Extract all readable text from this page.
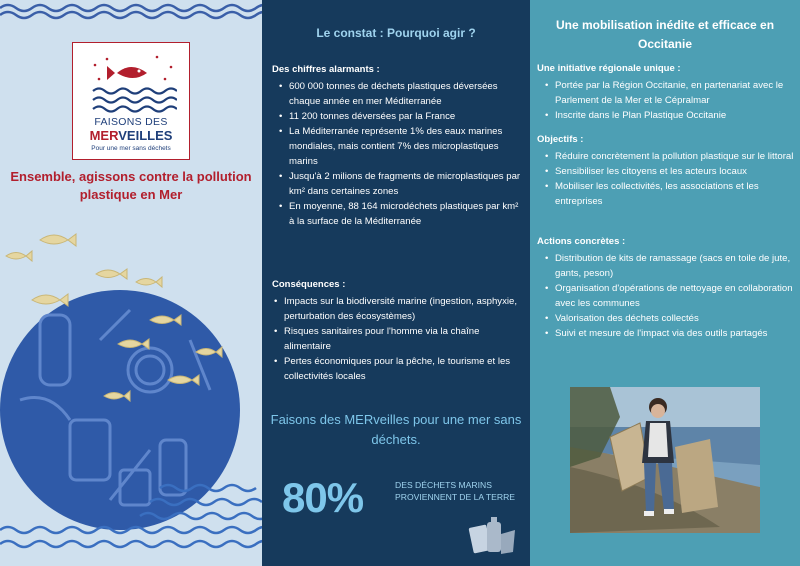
FAISONS DES
MERVEILLES
Pour une mer sans déchets
Ensemble, agissons contre la pollution plastique en Mer
Le constat : Pourquoi agir ?
Des chiffres alarmants :
• 600 000 tonnes de déchets plastiques déversées chaque année en mer Méditerranée
• 11 200 tonnes déversées par la France
• La Méditerranée représente 1% des eaux marines mondiales, mais contient 7% des microplastiques marins
• Jusqu'à 2 milions de fragments de microplastiques par km² dans certaines zones
• En moyenne, 88 164 microdéchets plastiques par km² à la surface de la Méditerranée
Conséquences :
• Impacts sur la biodiversité marine (ingestion, asphyxie, perturbation des écosystèmes)
• Risques sanitaires pour l'homme via la chaîne alimentaire
• Pertes économiques pour la pêche, le tourisme et les collectivités locales
Faisons des MERveilles pour une mer sans déchets.
80%	DES DÉCHETS MARINS PROVIENNENT DE LA TERRE
Une mobilisation inédite et efficace en Occitanie
Une initiative régionale unique :
• Portée par la Région Occitanie, en partenariat avec le Parlement de la Mer et le Cépralmar
• Inscrite dans le Plan Plastique Occitanie
Objectifs :
• Réduire concrètement la pollution plastique sur le littoral
• Sensibiliser les citoyens et les acteurs locaux
• Mobiliser les collectivités, les associations et les entreprises
Actions concrètes :
• Distribution de kits de ramassage (sacs en toile de jute, gants, peson)
• Organisation d'opérations de nettoyage en collaboration avec les communes
• Valorisation des déchets collectés
• Suivi et mesure de l'impact via des outils partagés
